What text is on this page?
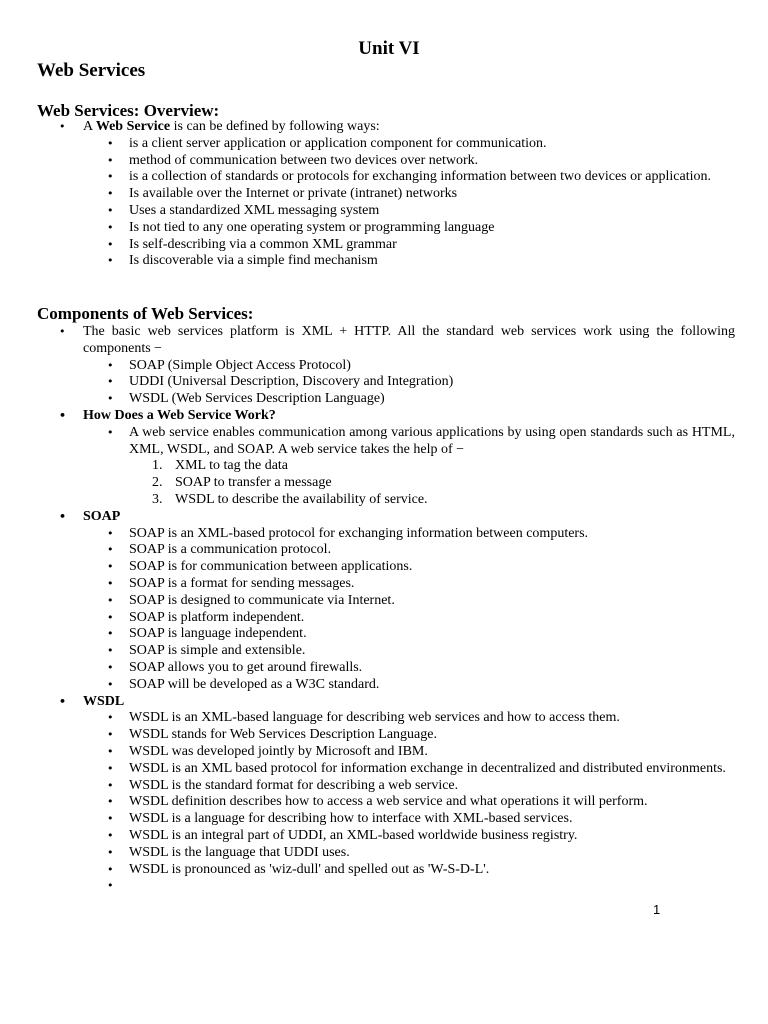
Unit VI
Web Services
Web Services: Overview:
• A Web Service is can be defined by following ways:
• is a client server application or application component for communication.
• method of communication between two devices over network.
• is a collection of standards or protocols for exchanging information between two devices or application.
• Is available over the Internet or private (intranet) networks
• Uses a standardized XML messaging system
• Is not tied to any one operating system or programming language
• Is self-describing via a common XML grammar
• Is discoverable via a simple find mechanism
Components of Web Services:
• The basic web services platform is XML + HTTP. All the standard web services work using the following components −
• SOAP (Simple Object Access Protocol)
• UDDI (Universal Description, Discovery and Integration)
• WSDL (Web Services Description Language)
• How Does a Web Service Work?
• A web service enables communication among various applications by using open standards such as HTML, XML, WSDL, and SOAP. A web service takes the help of −
1. XML to tag the data
2. SOAP to transfer a message
3. WSDL to describe the availability of service.
• SOAP
• SOAP is an XML-based protocol for exchanging information between computers.
• SOAP is a communication protocol.
• SOAP is for communication between applications.
• SOAP is a format for sending messages.
• SOAP is designed to communicate via Internet.
• SOAP is platform independent.
• SOAP is language independent.
• SOAP is simple and extensible.
• SOAP allows you to get around firewalls.
• SOAP will be developed as a W3C standard.
• WSDL
• WSDL is an XML-based language for describing web services and how to access them.
• WSDL stands for Web Services Description Language.
• WSDL was developed jointly by Microsoft and IBM.
• WSDL is an XML based protocol for information exchange in decentralized and distributed environments.
• WSDL is the standard format for describing a web service.
• WSDL definition describes how to access a web service and what operations it will perform.
• WSDL is a language for describing how to interface with XML-based services.
• WSDL is an integral part of UDDI, an XML-based worldwide business registry.
• WSDL is the language that UDDI uses.
• WSDL is pronounced as 'wiz-dull' and spelled out as 'W-S-D-L'.
•
1
